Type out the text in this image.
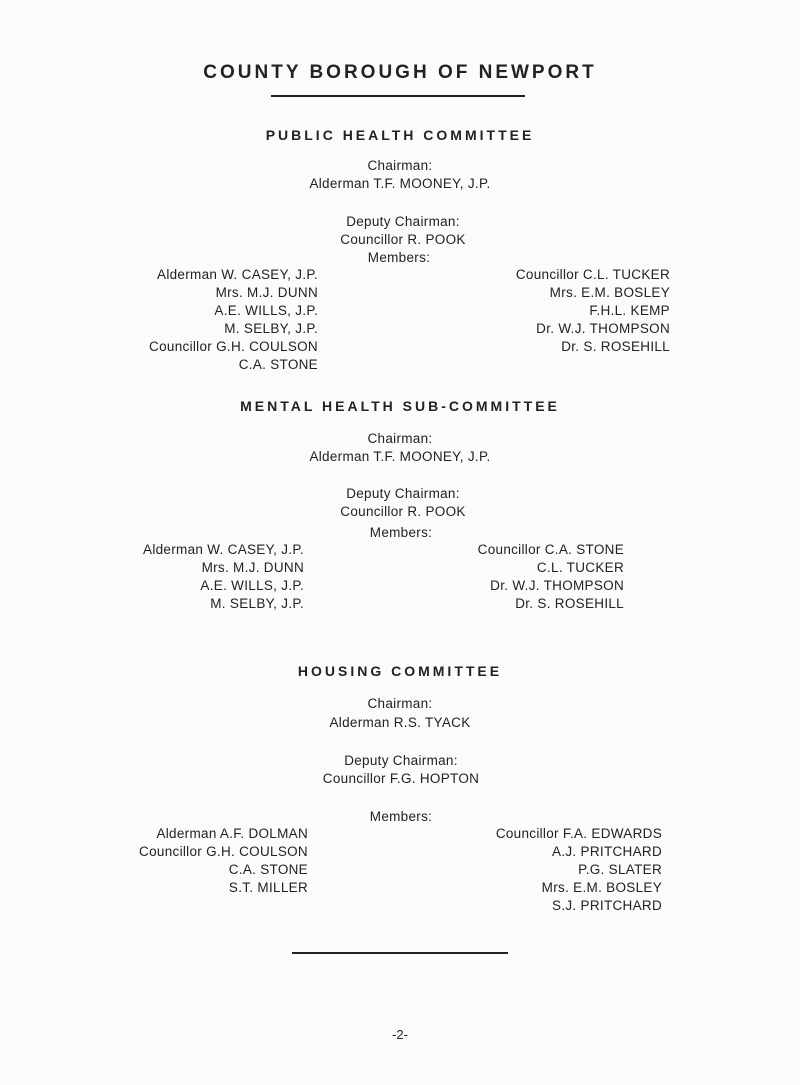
COUNTY BOROUGH OF NEWPORT
PUBLIC HEALTH COMMITTEE
Chairman:
Alderman T.F. MOONEY, J.P.
Deputy Chairman:
Councillor R. POOK
Members:
Alderman W. CASEY, J.P.
Mrs. M.J. DUNN
A.E. WILLS, J.P.
M. SELBY, J.P.
Councillor G.H. COULSON
C.A. STONE
Councillor C.L. TUCKER
Mrs. E.M. BOSLEY
F.H.L. KEMP
Dr. W.J. THOMPSON
Dr. S. ROSEHILL
MENTAL HEALTH SUB-COMMITTEE
Chairman:
Alderman T.F. MOONEY, J.P.
Deputy Chairman:
Councillor R. POOK
Members:
Alderman W. CASEY, J.P.
Mrs. M.J. DUNN
A.E. WILLS, J.P.
M. SELBY, J.P.
Councillor C.A. STONE
C.L. TUCKER
Dr. W.J. THOMPSON
Dr. S. ROSEHILL
HOUSING COMMITTEE
Chairman:
Alderman R.S. TYACK
Deputy Chairman:
Councillor F.G. HOPTON
Members:
Alderman A.F. DOLMAN
Councillor G.H. COULSON
C.A. STONE
S.T. MILLER
Councillor F.A. EDWARDS
A.J. PRITCHARD
P.G. SLATER
Mrs. E.M. BOSLEY
S.J. PRITCHARD
-2-
